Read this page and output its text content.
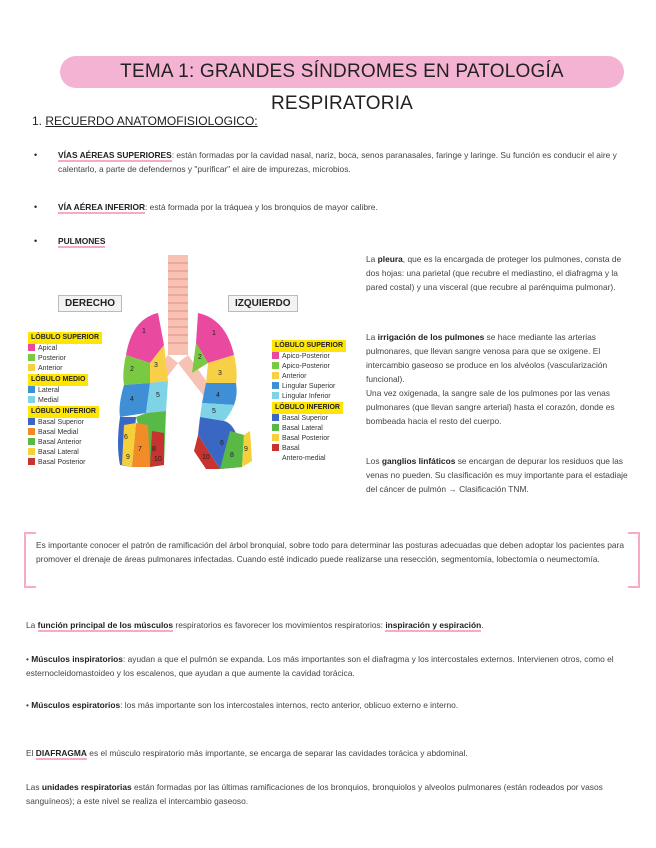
TEMA 1: GRANDES SÍNDROMES EN PATOLOGÍA RESPIRATORIA
1. RECUERDO ANATOMOFISIOLOGICO:
• VÍAS AÉREAS SUPERIORES: están formadas por la cavidad nasal, nariz, boca, senos paranasales, faringe y laringe. Su función es conducir el aire y calentarlo, a parte de defendernos y "purificar" el aire de impurezas, microbios.
• VÍA AÉREA INFERIOR: está formada por la tráquea y los bronquios de mayor calibre.
• PULMONES
1
2
3
4
5
6
7 8
9	10
1
2
3
4
5
6
8
9
10
DERECHO	IZQUIERDO
LÓBULO SUPERIOR
Apical
Posterior
Anterior
LÓBULO MEDIO
Lateral
Medial
LÓBULO INFERIOR
Basal Superior
Basal Medial
Basal Anterior
Basal Lateral
Basal Posterior
LÓBULO SUPERIOR
Apico-Posterior
Apico-Posterior
Anterior
Lingular Superior
Lingular Inferior
LÓBULO INFERIOR
Basal Superior
Basal Lateral
Basal Posterior
Basal
Antero-medial
La pleura, que es la encargada de proteger los pulmones, consta de dos hojas: una parietal (que recubre el mediastino, el diafragma y la pared costal) y una visceral (que recubre al parénquima pulmonar).
La irrigación de los pulmones se hace mediante las arterias pulmonares, que llevan sangre venosa para que se oxigene. El intercambio gaseoso se produce en los alvéolos (vascularización funcional).
Una vez oxigenada, la sangre sale de los pulmones por las venas pulmonares (que llevan sangre arterial) hasta el corazón, donde es bombeada hacia el resto del cuerpo.
Los ganglios linfáticos se encargan de depurar los residuos que las venas no pueden. Su clasificación es muy importante para el estadiaje del cáncer de pulmón → Clasificación TNM.
Es importante conocer el patrón de ramificación del árbol bronquial, sobre todo para determinar las posturas adecuadas que deben adoptar los pacientes para promover el drenaje de áreas pulmonares infectadas. Cuando esté indicado puede realizarse una resección, segmentomía, lobectomía o neumectomía.
La función principal de los músculos respiratorios es favorecer los movimientos respiratorios: inspiración y espiración.
• Músculos inspiratorios: ayudan a que el pulmón se expanda. Los más importantes son el diafragma y los intercostales externos. Intervienen otros, como el esternocleidomastoideo y los escalenos, que ayudan a que aumente la cavidad torácica.
• Músculos espiratorios: los más importante son los intercostales internos, recto anterior, oblicuo externo e interno.
El DIAFRAGMA es el músculo respiratorio más importante, se encarga de separar las cavidades torácica y abdominal.
Las unidades respiratorias están formadas por las últimas ramificaciones de los bronquios, bronquiolos y alveolos pulmonares (están rodeados por vasos sanguíneos); a este nivel se realiza el intercambio gaseoso.
